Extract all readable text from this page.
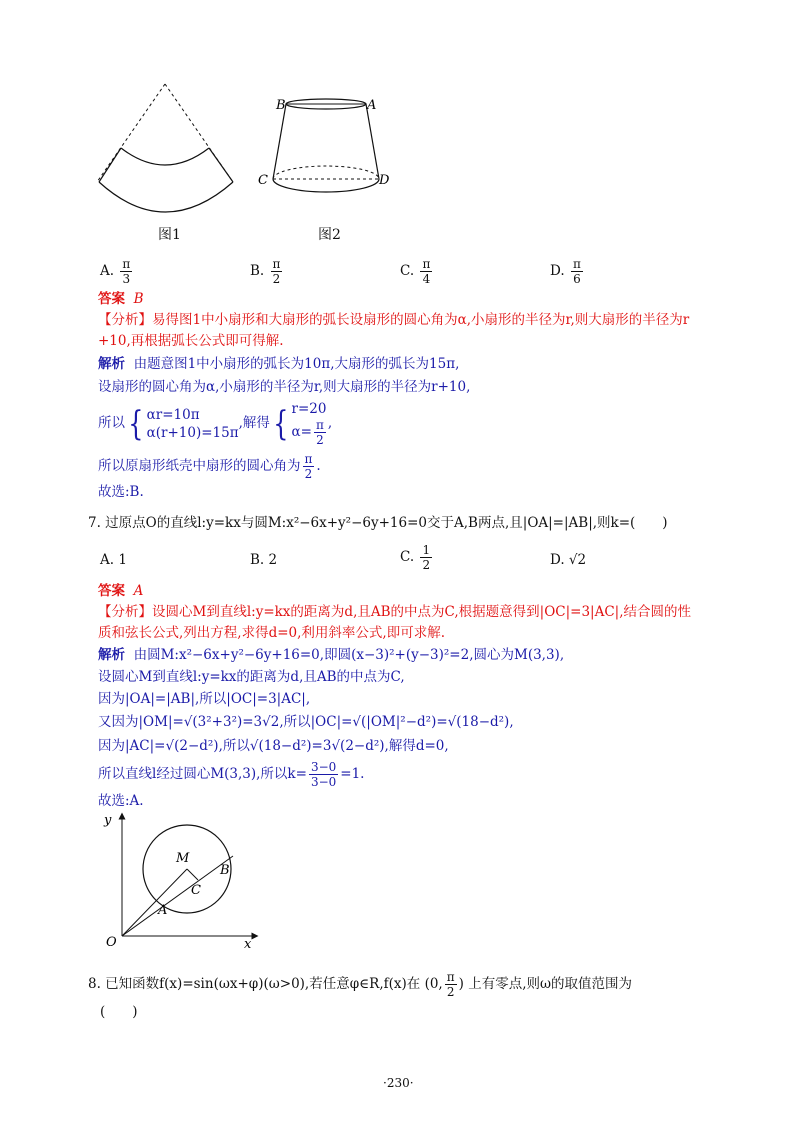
图1
B	A
C	D
图2
A. $\frac{\pi}{3}$	B. $\frac{\pi}{2}$	C. $\frac{\pi}{4}$	D. $\frac{\pi}{6}$
答案 B
【分析】易得图1中小扇形和大扇形的弧长设扇形的圆心角为α,小扇形的半径为r,则大扇形的半径为r
+10,再根据弧长公式即可得解.
解析 由题意图1中小扇形的弧长为10π,大扇形的弧长为15π,
设扇形的圆心角为α,小扇形的半径为r,则大扇形的半径为r+10,
所以{ αr=10π
α(r+10)=15π,解得{ r=20
$\alpha= \frac{\pi}{2}$ ,
所以原扇形纸壳中扇形的圆心角为 $\frac{\pi}{2}$ .
故选:B.
7. 过原点O的直线l:y=kx与圆M:x²−6x+y²−6y+16=0交于A,B两点,且|OA|=|AB|,则k=(　　)
A. 1	B. 2	C. $\frac{1}{2}$	D. √2
答案 A
【分析】设圆心M到直线l:y=kx的距离为d,且AB的中点为C,根据题意得到|OC|=3|AC|,结合圆的性
质和弦长公式,列出方程,求得d=0,利用斜率公式,即可求解.
解析 由圆M:x²−6x+y²−6y+16=0,即圆(x−3)²+(y−3)²=2,圆心为M(3,3),
设圆心M到直线l:y=kx的距离为d,且AB的中点为C,
因为|OA|=|AB|,所以|OC|=3|AC|,
又因为|OM|=√(3²+3²)=3√2,所以|OC|=√(|OM|²−d²)=√(18−d²),
因为|AC|=√(2−d²),所以√(18−d²)=3√(2−d²),解得d=0,
所以直线l经过圆心M(3,3),所以$k= \frac{3-0}{3-0} =1$.
故选:A.
y
x
O
M
B
C
A
8. 已知函数f(x)=sin(ωx+φ)(ω>0),若任意φ∈R,f(x)在 (0, $\frac{\pi}{2}$ ) 上有零点,则ω的取值范围为
(　　)
·230·
